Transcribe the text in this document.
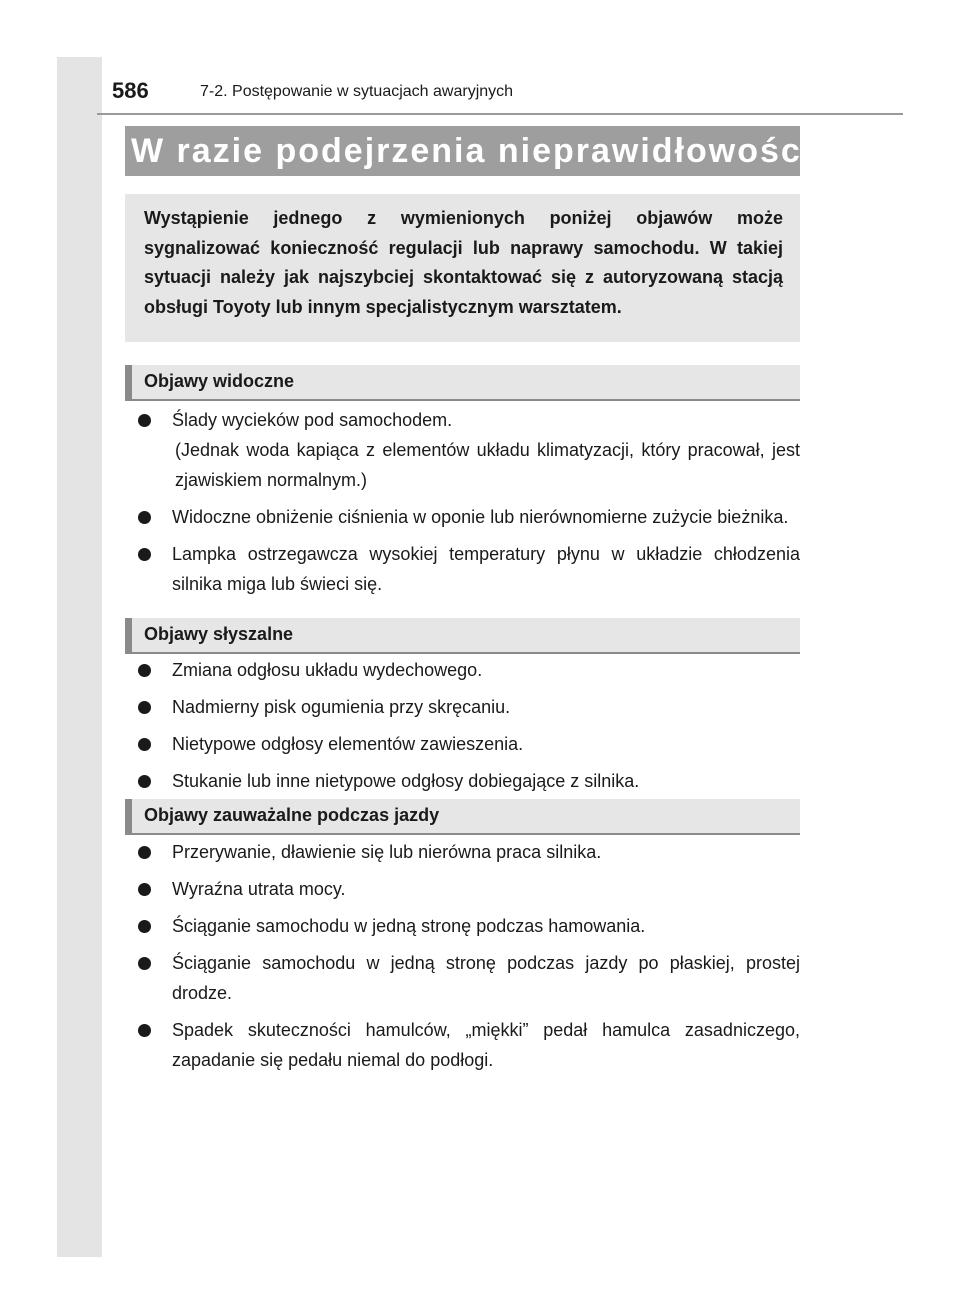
586	7-2. Postępowanie w sytuacjach awaryjnych
W razie podejrzenia nieprawidłowości
Wystąpienie jednego z wymienionych poniżej objawów może sygnalizować konieczność regulacji lub naprawy samochodu. W takiej sytuacji należy jak najszybciej skontaktować się z autoryzowaną stacją obsługi Toyoty lub innym specjalistycznym warsztatem.
Objawy widoczne
Ślady wycieków pod samochodem.
(Jednak woda kapiąca z elementów układu klimatyzacji, który pracował, jest zjawiskiem normalnym.)
Widoczne obniżenie ciśnienia w oponie lub nierównomierne zużycie bieżnika.
Lampka ostrzegawcza wysokiej temperatury płynu w układzie chłodzenia silnika miga lub świeci się.
Objawy słyszalne
Zmiana odgłosu układu wydechowego.
Nadmierny pisk ogumienia przy skręcaniu.
Nietypowe odgłosy elementów zawieszenia.
Stukanie lub inne nietypowe odgłosy dobiegające z silnika.
Objawy zauważalne podczas jazdy
Przerywanie, dławienie się lub nierówna praca silnika.
Wyraźna utrata mocy.
Ściąganie samochodu w jedną stronę podczas hamowania.
Ściąganie samochodu w jedną stronę podczas jazdy po płaskiej, prostej drodze.
Spadek skuteczności hamulców, „miękki” pedał hamulca zasadniczego, zapadanie się pedału niemal do podłogi.
